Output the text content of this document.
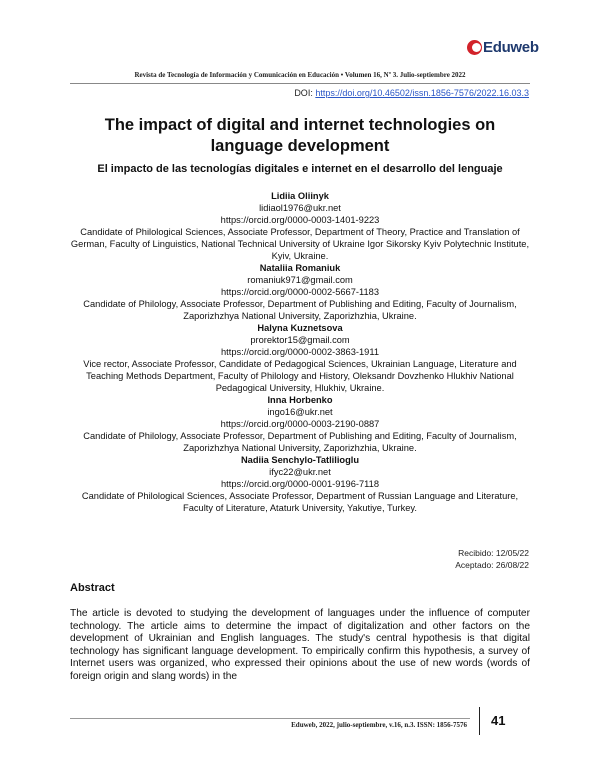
Eduweb
Revista de Tecnología de Información y Comunicación en Educación • Volumen 16, Nº 3. Julio-septiembre 2022
DOI: https://doi.org/10.46502/issn.1856-7576/2022.16.03.3
The impact of digital and internet technologies on language development
El impacto de las tecnologías digitales e internet en el desarrollo del lenguaje
Lidiia Oliinyk
lidiaol1976@ukr.net
https://orcid.org/0000-0003-1401-9223
Candidate of Philological Sciences, Associate Professor, Department of Theory, Practice and Translation of German, Faculty of Linguistics, National Technical University of Ukraine Igor Sikorsky Kyiv Polytechnic Institute, Kyiv, Ukraine.
Nataliia Romaniuk
romaniuk971@gmail.com
https://orcid.org/0000-0002-5667-1183
Candidate of Philology, Associate Professor, Department of Publishing and Editing, Faculty of Journalism, Zaporizhzhya National University, Zaporizhzhia, Ukraine.
Halyna Kuznetsova
prorektor15@gmail.com
https://orcid.org/0000-0002-3863-1911
Vice rector, Associate Professor, Candidate of Pedagogical Sciences, Ukrainian Language, Literature and Teaching Methods Department, Faculty of Philology and History, Oleksandr Dovzhenko Hlukhiv National Pedagogical University, Hlukhiv, Ukraine.
Inna Horbenko
ingo16@ukr.net
https://orcid.org/0000-0003-2190-0887
Candidate of Philology, Associate Professor, Department of Publishing and Editing, Faculty of Journalism, Zaporizhzhya National University, Zaporizhzhia, Ukraine.
Nadiia Senchylo-Tatlilioglu
ifyc22@ukr.net
https://orcid.org/0000-0001-9196-7118
Candidate of Philological Sciences, Associate Professor, Department of Russian Language and Literature, Faculty of Literature, Ataturk University, Yakutiye, Turkey.
Recibido: 12/05/22
Aceptado: 26/08/22
Abstract
The article is devoted to studying the development of languages under the influence of computer technology. The article aims to determine the impact of digitalization and other factors on the development of Ukrainian and English languages. The study's central hypothesis is that digital technology has significant language development. To empirically confirm this hypothesis, a survey of Internet users was organized, who expressed their opinions about the use of new words (words of foreign origin and slang words) in the
Eduweb, 2022, julio-septiembre, v.16, n.3. ISSN: 1856-7576 41
